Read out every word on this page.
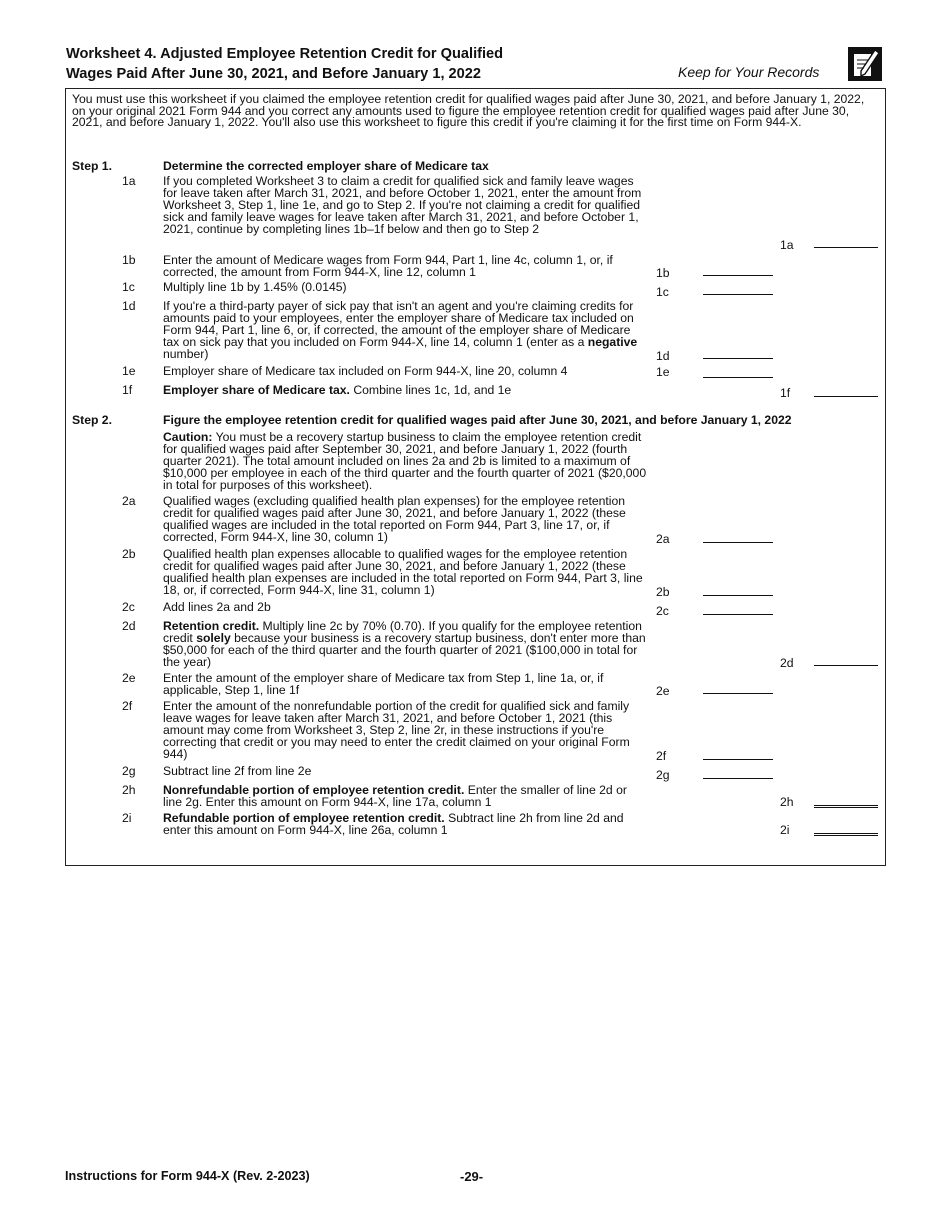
Worksheet 4. Adjusted Employee Retention Credit for Qualified
Wages Paid After June 30, 2021, and Before January 1, 2022	Keep for Your Records
You must use this worksheet if you claimed the employee retention credit for qualified wages paid after June 30, 2021, and before January 1, 2022, on your original 2021 Form 944 and you correct any amounts used to figure the employee retention credit for qualified wages paid after June 30, 2021, and before January 1, 2022. You'll also use this worksheet to figure this credit if you're claiming it for the first time on Form 944-X.
Step 1.	Determine the corrected employer share of Medicare tax
1a If you completed Worksheet 3 to claim a credit for qualified sick and family leave wages for leave taken after March 31, 2021, and before October 1, 2021, enter the amount from Worksheet 3, Step 1, line 1e, and go to Step 2. If you're not claiming a credit for qualified sick and family leave wages for leave taken after March 31, 2021, and before October 1, 2021, continue by completing lines 1b–1f below and then go to Step 2
1a
1b Enter the amount of Medicare wages from Form 944, Part 1, line 4c, column 1, or, if corrected, the amount from Form 944-X, line 12, column 1	1b
1c Multiply line 1b by 1.45% (0.0145)	1c
1d If you're a third-party payer of sick pay that isn't an agent and you're claiming credits for amounts paid to your employees, enter the employer share of Medicare tax included on Form 944, Part 1, line 6, or, if corrected, the amount of the employer share of Medicare tax on sick pay that you included on Form 944-X, line 14, column 1 (enter as a negative number)	1d
1e Employer share of Medicare tax included on Form 944-X, line 20, column 4	1e
1f	Employer share of Medicare tax. Combine lines 1c, 1d, and 1e	1f
Step 2.	Figure the employee retention credit for qualified wages paid after June 30, 2021, and before January 1, 2022
Caution: You must be a recovery startup business to claim the employee retention credit for qualified wages paid after September 30, 2021, and before January 1, 2022 (fourth quarter 2021). The total amount included on lines 2a and 2b is limited to a maximum of $10,000 per employee in each of the third quarter and the fourth quarter of 2021 ($20,000 in total for purposes of this worksheet).
2a Qualified wages (excluding qualified health plan expenses) for the employee retention credit for qualified wages paid after June 30, 2021, and before January 1, 2022 (these qualified wages are included in the total reported on Form 944, Part 3, line 17, or, if corrected, Form 944-X, line 30, column 1)	2a
2b Qualified health plan expenses allocable to qualified wages for the employee retention credit for qualified wages paid after June 30, 2021, and before January 1, 2022 (these qualified health plan expenses are included in the total reported on Form 944, Part 3, line 18, or, if corrected, Form 944-X, line 31, column 1)	2b
2c Add lines 2a and 2b	2c
2d Retention credit. Multiply line 2c by 70% (0.70). If you qualify for the employee retention credit solely because your business is a recovery startup business, don't enter more than $50,000 for each of the third quarter and the fourth quarter of 2021 ($100,000 in total for the year)	2d
2e Enter the amount of the employer share of Medicare tax from Step 1, line 1a, or, if applicable, Step 1, line 1f	2e
2f	Enter the amount of the nonrefundable portion of the credit for qualified sick and family leave wages for leave taken after March 31, 2021, and before October 1, 2021 (this amount may come from Worksheet 3, Step 2, line 2r, in these instructions if you're correcting that credit or you may need to enter the credit claimed on your original Form 944)	2f
2g Subtract line 2f from line 2e	2g
2h Nonrefundable portion of employee retention credit. Enter the smaller of line 2d or line 2g. Enter this amount on Form 944-X, line 17a, column 1	2h
2i	Refundable portion of employee retention credit. Subtract line 2h from line 2d and enter this amount on Form 944-X, line 26a, column 1	2i
Instructions for Form 944-X (Rev. 2-2023)	-29-
